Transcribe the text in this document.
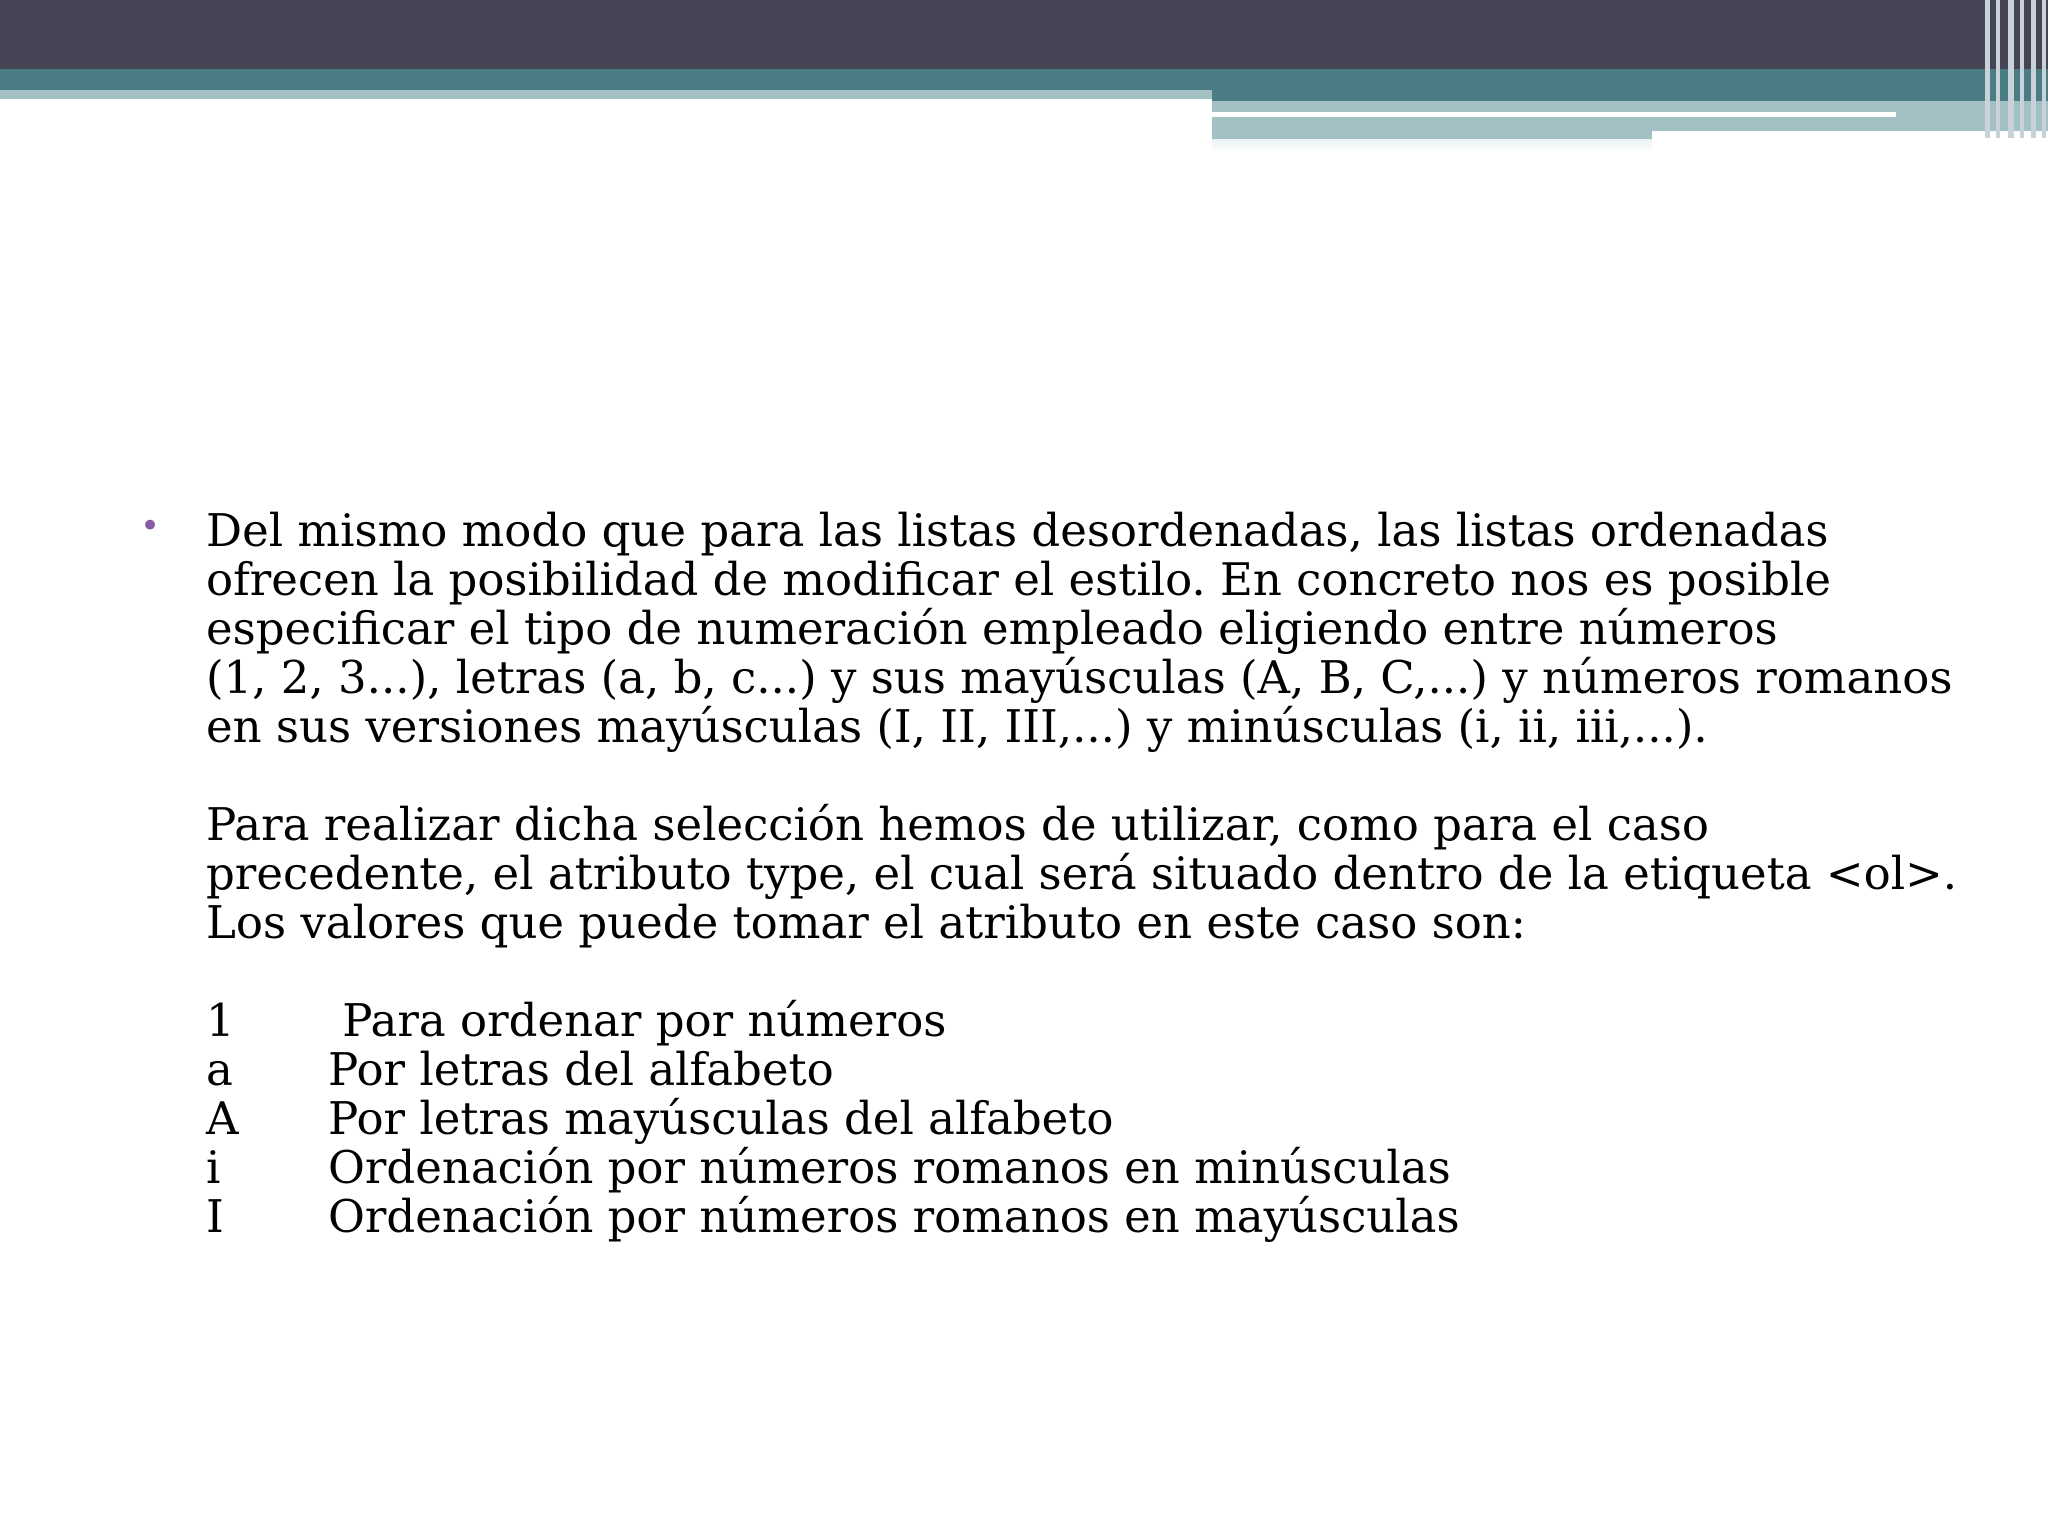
• Del mismo modo que para las listas desordenadas, las listas ordenadas
ofrecen la posibilidad de modificar el estilo. En concreto nos es posible
especificar el tipo de numeración empleado eligiendo entre números
(1, 2, 3...), letras (a, b, c...) y sus mayúsculas (A, B, C,...) y números romanos
en sus versiones mayúsculas (I, II, III,...) y minúsculas (i, ii, iii,...).

Para realizar dicha selección hemos de utilizar, como para el caso
precedente, el atributo type, el cual será situado dentro de la etiqueta <ol>.
Los valores que puede tomar el atributo en este caso son:

1	Para ordenar por números
a	Por letras del alfabeto
A	Por letras mayúsculas del alfabeto
i	Ordenación por números romanos en minúsculas
I	Ordenación por números romanos en mayúsculas
